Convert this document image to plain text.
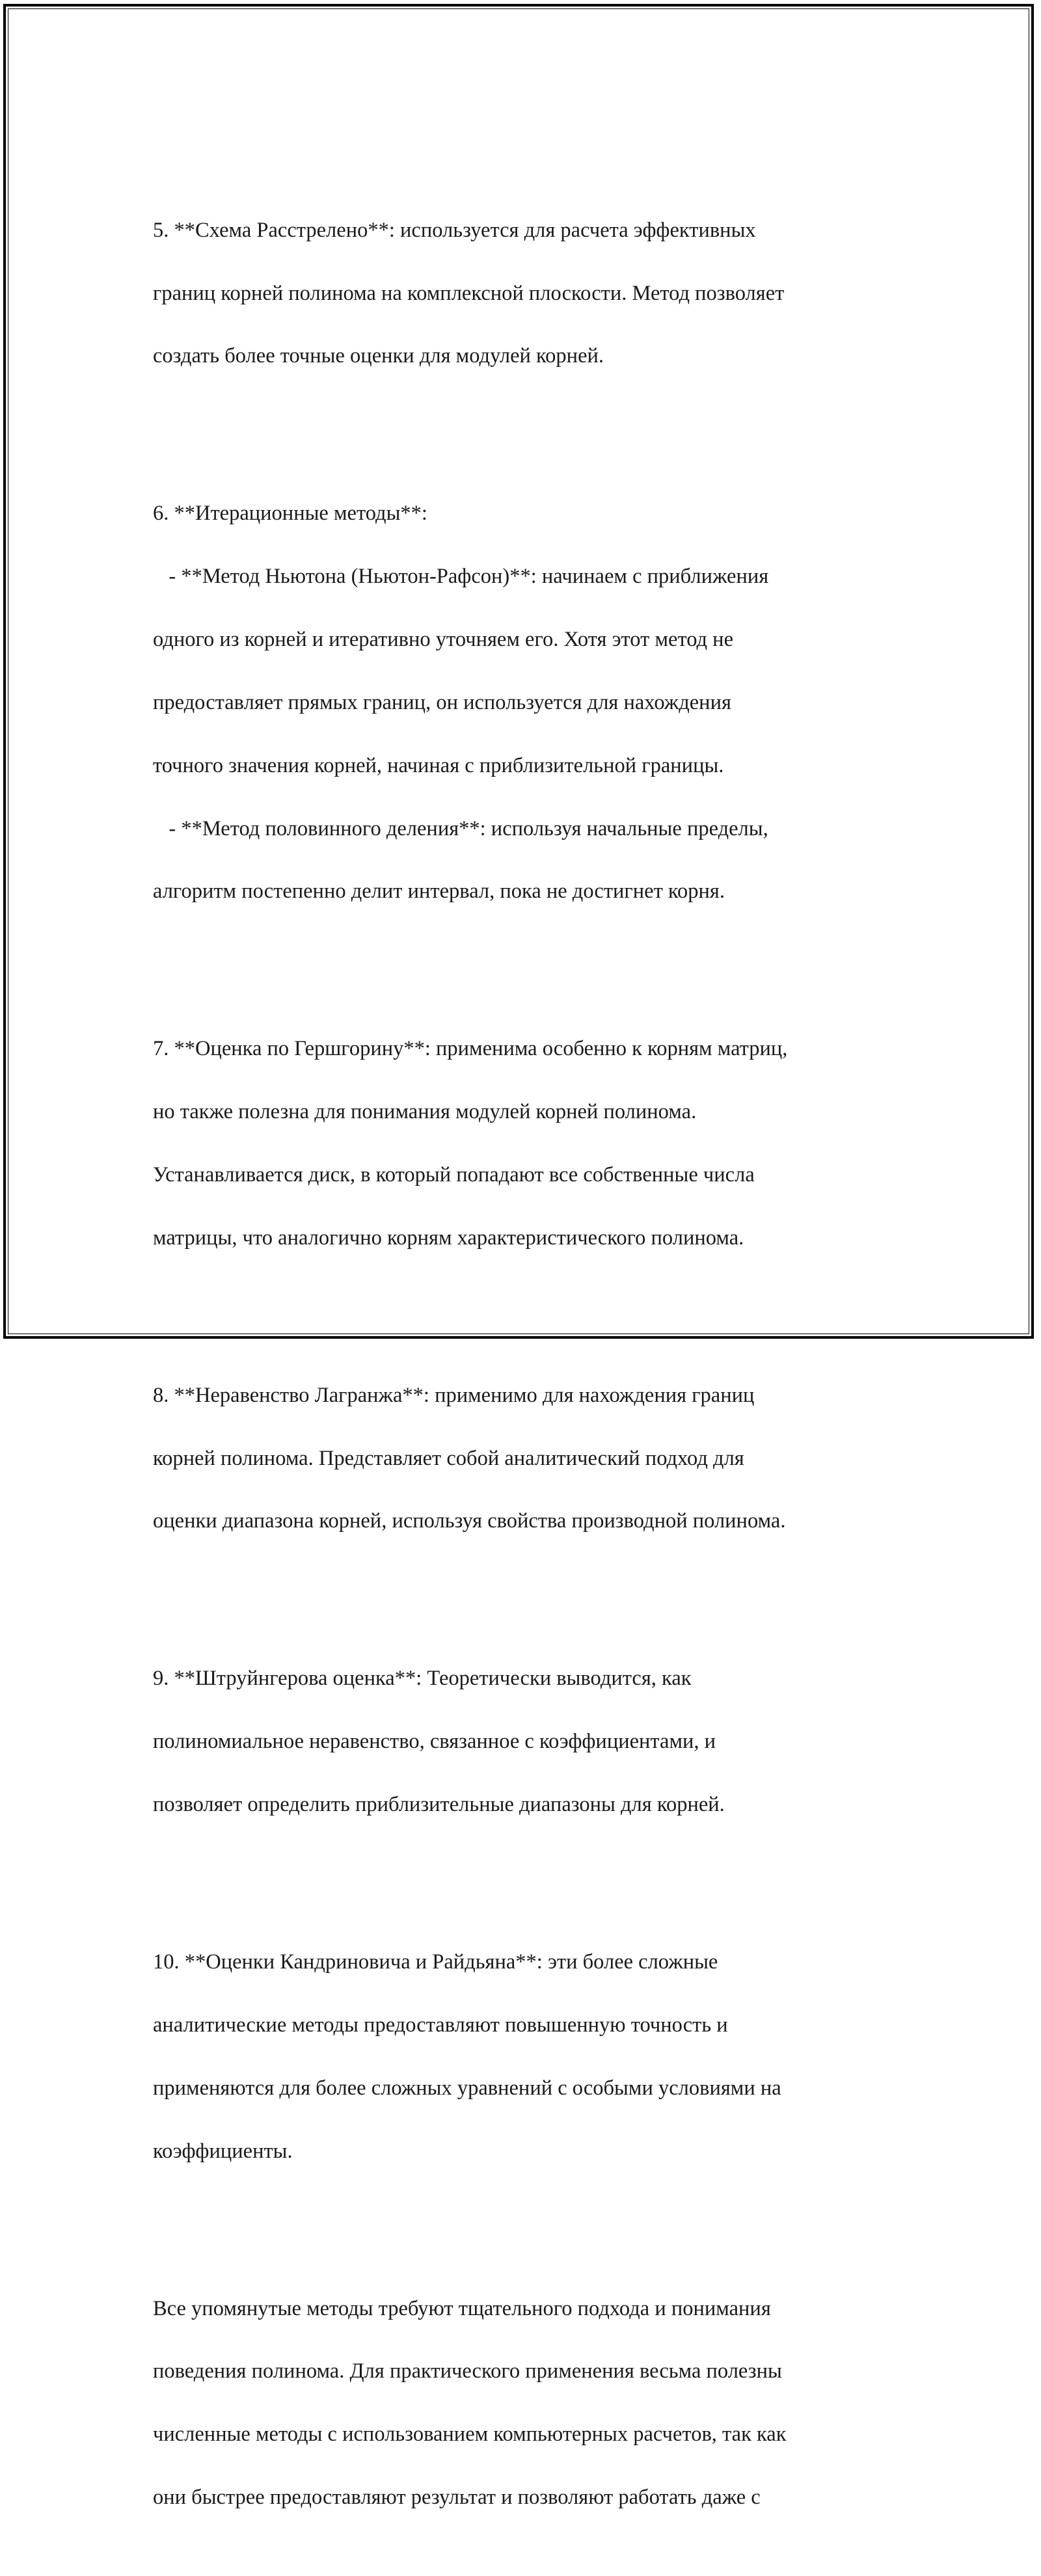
5. **Схема Расстрелено**: используется для расчета эффективных

границ корней полинома на комплексной плоскости. Метод позволяет

создать более точные оценки для модулей корней.

6. **Итерационные методы**:

- **Метод Ньютона (Ньютон-Рафсон)**: начинаем с приближения

одного из корней и итеративно уточняем его. Хотя этот метод не

предоставляет прямых границ, он используется для нахождения

точного значения корней, начиная с приблизительной границы.

- **Метод половинного деления**: используя начальные пределы,

алгоритм постепенно делит интервал, пока не достигнет корня.

7. **Оценка по Гершгорину**: применима особенно к корням матриц,

но также полезна для понимания модулей корней полинома.

Устанавливается диск, в который попадают все собственные числа

матрицы, что аналогично корням характеристического полинома.

8. **Неравенство Лагранжа**: применимо для нахождения границ

корней полинома. Представляет собой аналитический подход для

оценки диапазона корней, используя свойства производной полинома.

9. **Штруйнгерова оценка**: Теоретически выводится, как

полиномиальное неравенство, связанное с коэффициентами, и

позволяет определить приблизительные диапазоны для корней.

10. **Оценки Кандриновича и Райдьяна**: эти более сложные

аналитические методы предоставляют повышенную точность и

применяются для более сложных уравнений с особыми условиями на

коэффициенты.

Все упомянутые методы требуют тщательного подхода и понимания

поведения полинома. Для практического применения весьма полезны

численные методы с использованием компьютерных расчетов, так как

они быстрее предоставляют результат и позволяют работать даже с
